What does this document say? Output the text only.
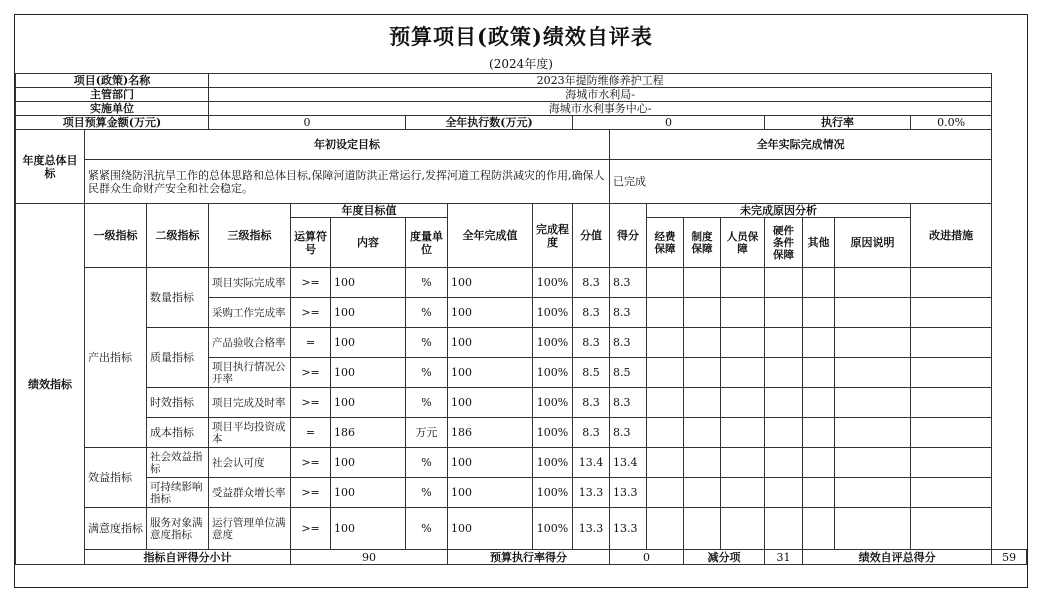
预算项目(政策)绩效自评表
(2024年度)
项目(政策)名称			2023年提防维修养护工程															
主管部门			海城市水利局-															
实施单位			海城市水利事务中心-															
项目预算金额(万元)			0			全年执行数(万元)			0					执行率			0.0%	
年度总体目标	年初设定目标									全年实际完成情况								
	紧紧围绕防汛抗旱工作的总体思路和总体目标,保障河道防洪正常运行,发挥河道工程防洪减灾的作用,确保人民群众生命财产安全和社会稳定。									已完成								
绩效指标	一级指标	二级指标	三级指标	年度目标值			全年完成值	完成程度	分值	得分	未完成原因分析						改进措施	
				运算符号	内容	度量单位					经费保障	制度保障	人员保障	硬件条件保障	其他	原因说明		
	产出指标	数量指标	项目实际完成率	>=	100	%	100	100%	8.3	8.3								
			采购工作完成率	>=	100	%	100	100%	8.3	8.3								
		质量指标	产品验收合格率	=	100	%	100	100%	8.3	8.3								
			项目执行情况公开率	>=	100	%	100	100%	8.5	8.5								
		时效指标	项目完成及时率	>=	100	%	100	100%	8.3	8.3								
		成本指标	项目平均投资成本	=	186	万元	186	100%	8.3	8.3								
	效益指标	社会效益指标	社会认可度	>=	100	%	100	100%	13.4	13.4								
		可持续影响指标	受益群众增长率	>=	100	%	100	100%	13.3	13.3								
	满意度指标	服务对象满意度指标	运行管理单位满意度	>=	100	%	100	100%	13.3	13.3								
	指标自评得分小计			90			预算执行率得分			0		减分项		31	绩效自评总得分			59
